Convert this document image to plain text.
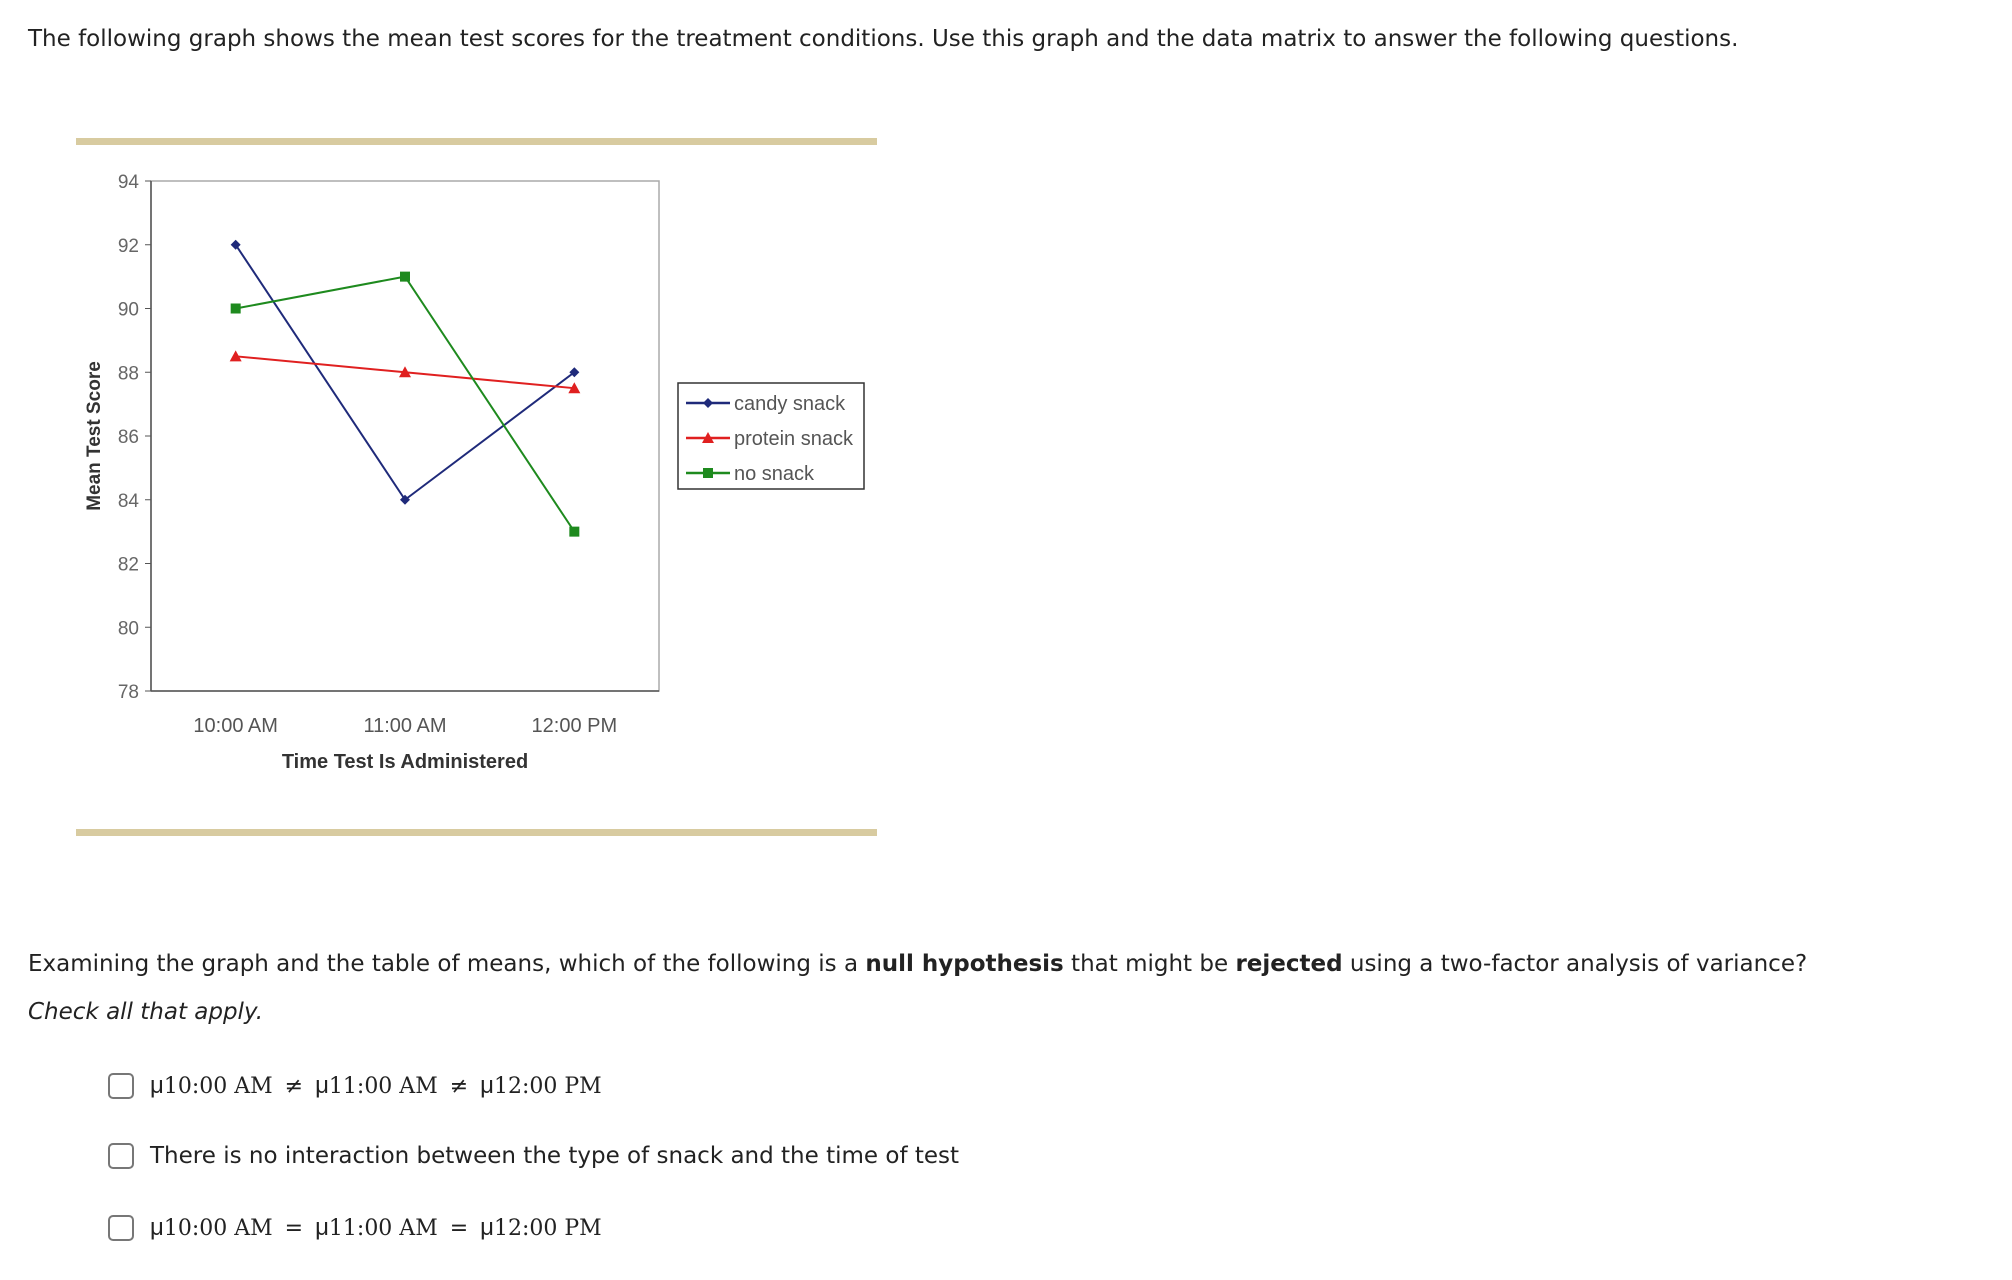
The following graph shows the mean test scores for the treatment conditions. Use this graph and the data matrix to answer the following questions.
78
80
82
84
86
88
90
92
94
10:00 AM	11:00 AM	12:00 PM
Time Test Is Administered
Mean Test Score	candy snack
protein snack
no snack
Examining the graph and the table of means, which of the following is a null hypothesis that might be rejected using a two-factor analysis of variance? Check all that apply.
μ10:00 AM ≠ μ11:00 AM ≠ μ12:00 PM
There is no interaction between the type of snack and the time of test
μ10:00 AM = μ11:00 AM = μ12:00 PM
